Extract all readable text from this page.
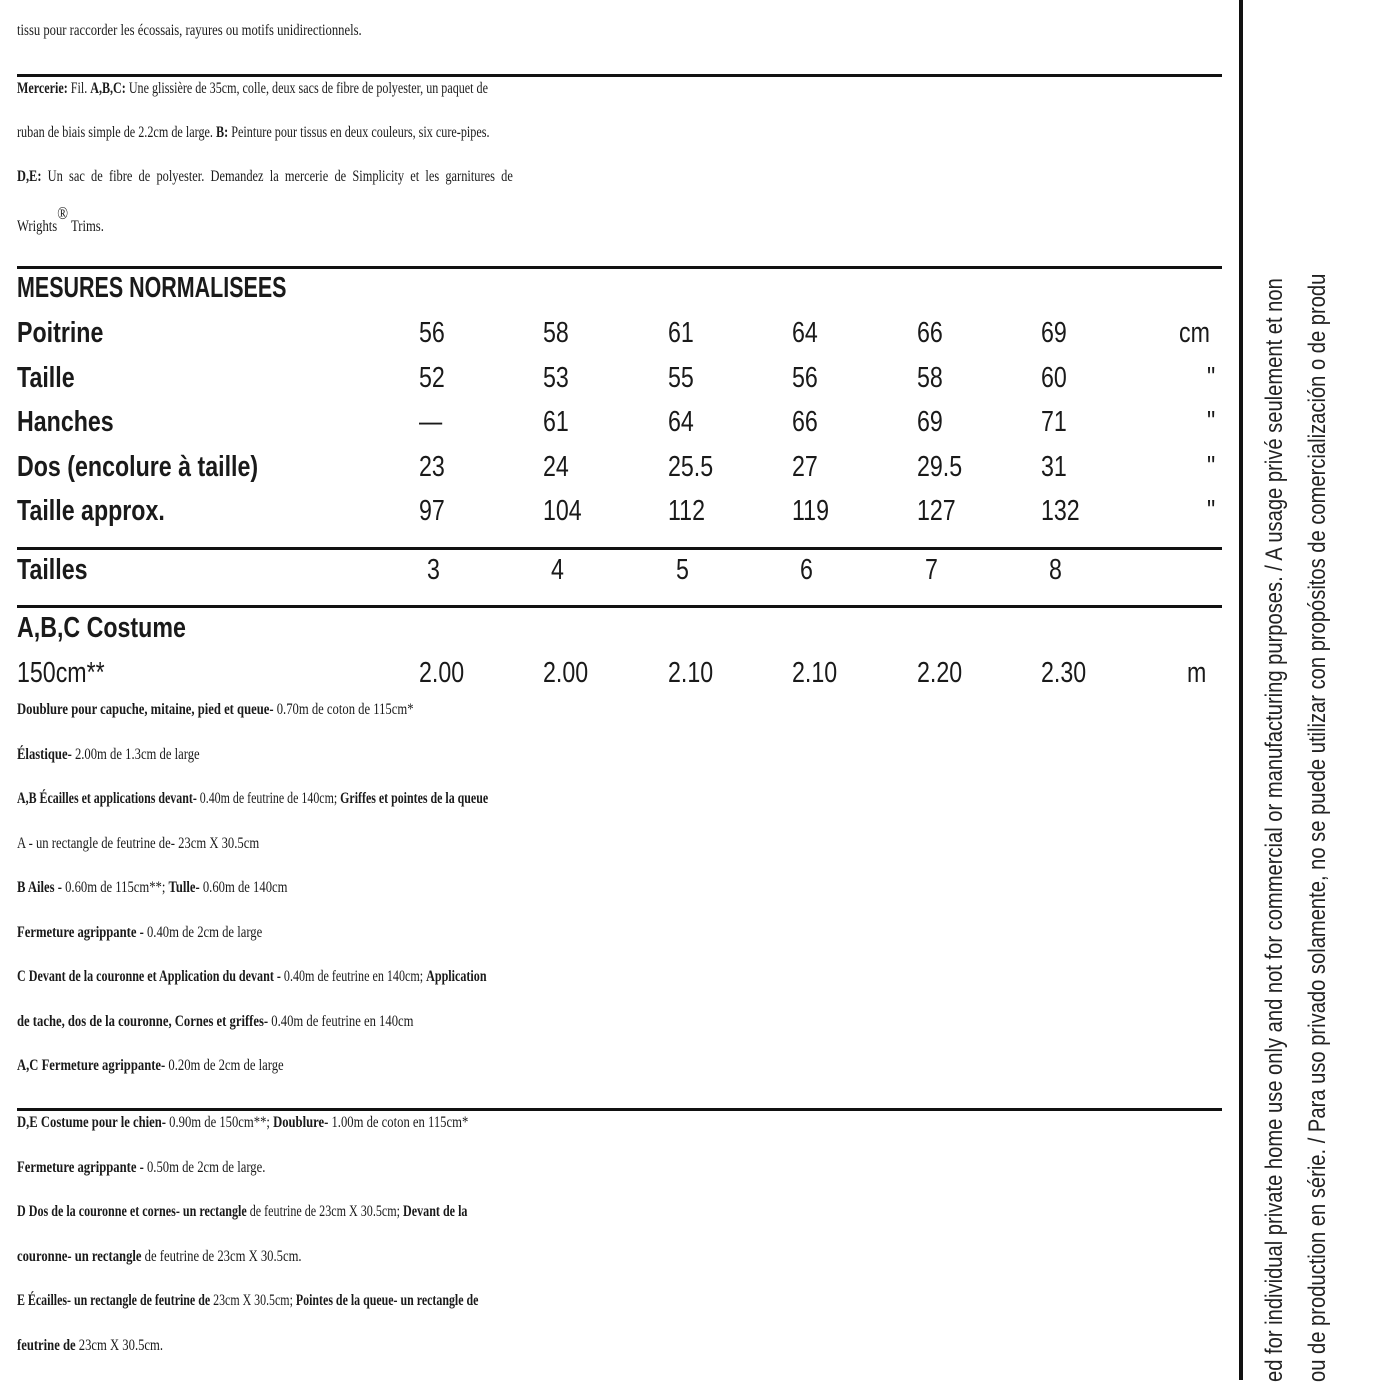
tissu pour raccorder les écossais, rayures ou motifs unidirectionnels.
Mercerie: Fil. A,B,C: Une glissière de 35cm, colle, deux sacs de fibre de polyester, un paquet de
ruban de biais simple de 2.2cm de large. B: Peinture pour tissus en deux couleurs, six cure-pipes.
D,E: Un sac de fibre de polyester. Demandez la mercerie de Simplicity et les garnitures de
Wrights® Trims.
MESURES NORMALISEES
Poitrine	56	58	61	64	66	69	cm
Taille	52	53	55	56	58	60	"
Hanches	—	61	64	66	69	71	"
Dos (encolure à taille)	23	24	25.5	27	29.5	31	"
Taille approx.	97	104	112	119	127	132	"
Tailles	3	4	5	6	7	8
A,B,C Costume
150cm**	2.00	2.00	2.10	2.10	2.20	2.30	m
Doublure pour capuche, mitaine, pied et queue- 0.70m de coton de 115cm*
Élastique- 2.00m de 1.3cm de large
A,B Écailles et applications devant- 0.40m de feutrine de 140cm; Griffes et pointes de la queue
A - un rectangle de feutrine de- 23cm X 30.5cm
B Ailes - 0.60m de 115cm**; Tulle- 0.60m de 140cm
Fermeture agrippante - 0.40m de 2cm de large
C Devant de la couronne et Application du devant - 0.40m de feutrine en 140cm; Application
de tache, dos de la couronne, Cornes et griffes- 0.40m de feutrine en 140cm
A,C Fermeture agrippante- 0.20m de 2cm de large
D,E Costume pour le chien- 0.90m de 150cm**; Doublure- 1.00m de coton en 115cm*
Fermeture agrippante - 0.50m de 2cm de large.
D Dos de la couronne et cornes- un rectangle de feutrine de 23cm X 30.5cm; Devant de la
couronne- un rectangle de feutrine de 23cm X 30.5cm.
E Écailles- un rectangle de feutrine de 23cm X 30.5cm; Pointes de la queue- un rectangle de
feutrine de 23cm X 30.5cm.	ed for individual private home use only and not for commercial or manufacturing purposes. / A usage privé seulement et non ou de production en série. / Para uso privado solamente, no se puede utilizar con propósitos de comercialización o de produ
